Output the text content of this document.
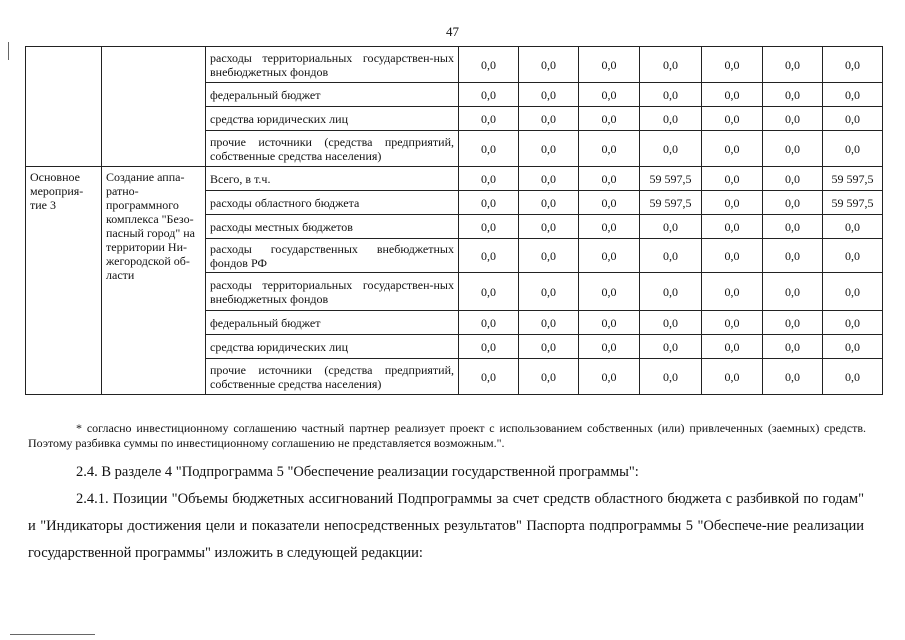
47
		расходы территориальных государствен-ных внебюджетных фондов	0,0	0,0	0,0	0,0	0,0	0,0	0,0
		федеральный бюджет	0,0	0,0	0,0	0,0	0,0	0,0	0,0
		средства юридических лиц	0,0	0,0	0,0	0,0	0,0	0,0	0,0
		прочие источники (средства предприятий, собственные средства населения)	0,0	0,0	0,0	0,0	0,0	0,0	0,0
Основное мероприя-тие 3	Создание аппа-ратно-программного комплекса "Безо-пасный город" на территории Ни-жегородской об-ласти	Всего, в т.ч.	0,0	0,0	0,0	59 597,5	0,0	0,0	59 597,5
		расходы областного бюджета	0,0	0,0	0,0	59 597,5	0,0	0,0	59 597,5
		расходы местных бюджетов	0,0	0,0	0,0	0,0	0,0	0,0	0,0
		расходы государственных внебюджетных фондов РФ	0,0	0,0	0,0	0,0	0,0	0,0	0,0
		расходы территориальных государствен-ных внебюджетных фондов	0,0	0,0	0,0	0,0	0,0	0,0	0,0
		федеральный бюджет	0,0	0,0	0,0	0,0	0,0	0,0	0,0
		средства юридических лиц	0,0	0,0	0,0	0,0	0,0	0,0	0,0
		прочие источники (средства предприятий, собственные средства населения)	0,0	0,0	0,0	0,0	0,0	0,0	0,0
* согласно инвестиционному соглашению частный партнер реализует проект с использованием собственных (или) привлеченных (заемных) средств. Поэтому разбивка суммы по инвестиционному соглашению не представляется возможным.".
2.4. В разделе 4 "Подпрограмма 5 "Обеспечение реализации государственной программы":
2.4.1. Позиции "Объемы бюджетных ассигнований Подпрограммы за счет средств областного бюджета с разбивкой по годам" и "Индикаторы достижения цели и показатели непосредственных результатов" Паспорта подпрограммы 5 "Обеспече-ние реализации государственной программы" изложить в следующей редакции:
